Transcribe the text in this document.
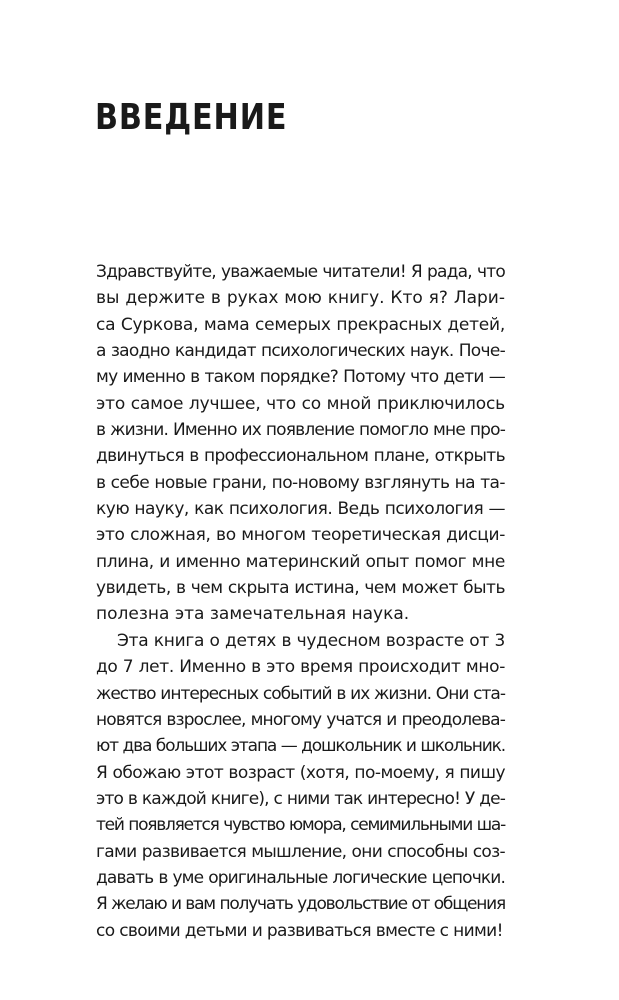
ВВЕДЕНИЕ
Здравствуйте, уважаемые читатели! Я рада, что
вы держите в руках мою книгу. Кто я? Лари-
са Суркова, мама семерых прекрасных детей,
а заодно кандидат психологических наук. Поче-
му именно в таком порядке? Потому что дети —
это самое лучшее, что со мной приключилось
в жизни. Именно их появление помогло мне про-
двинуться в профессиональном плане, открыть
в себе новые грани, по-новому взглянуть на та-
кую науку, как психология. Ведь психология —
это сложная, во многом теоретическая дисци-
плина, и именно материнский опыт помог мне
увидеть, в чем скрыта истина, чем может быть
полезна эта замечательная наука.
Эта книга о детях в чудесном возрасте от 3
до 7 лет. Именно в это время происходит мно-
жество интересных событий в их жизни. Они ста-
новятся взрослее, многому учатся и преодолева-
ют два больших этапа — дошкольник и школьник.
Я обожаю этот возраст (хотя, по-моему, я пишу
это в каждой книге), с ними так интересно! У де-
тей появляется чувство юмора, семимильными ша-
гами развивается мышление, они способны соз-
давать в уме оригинальные логические цепочки.
Я желаю и вам получать удовольствие от общения
со своими детьми и развиваться вместе с ними!
